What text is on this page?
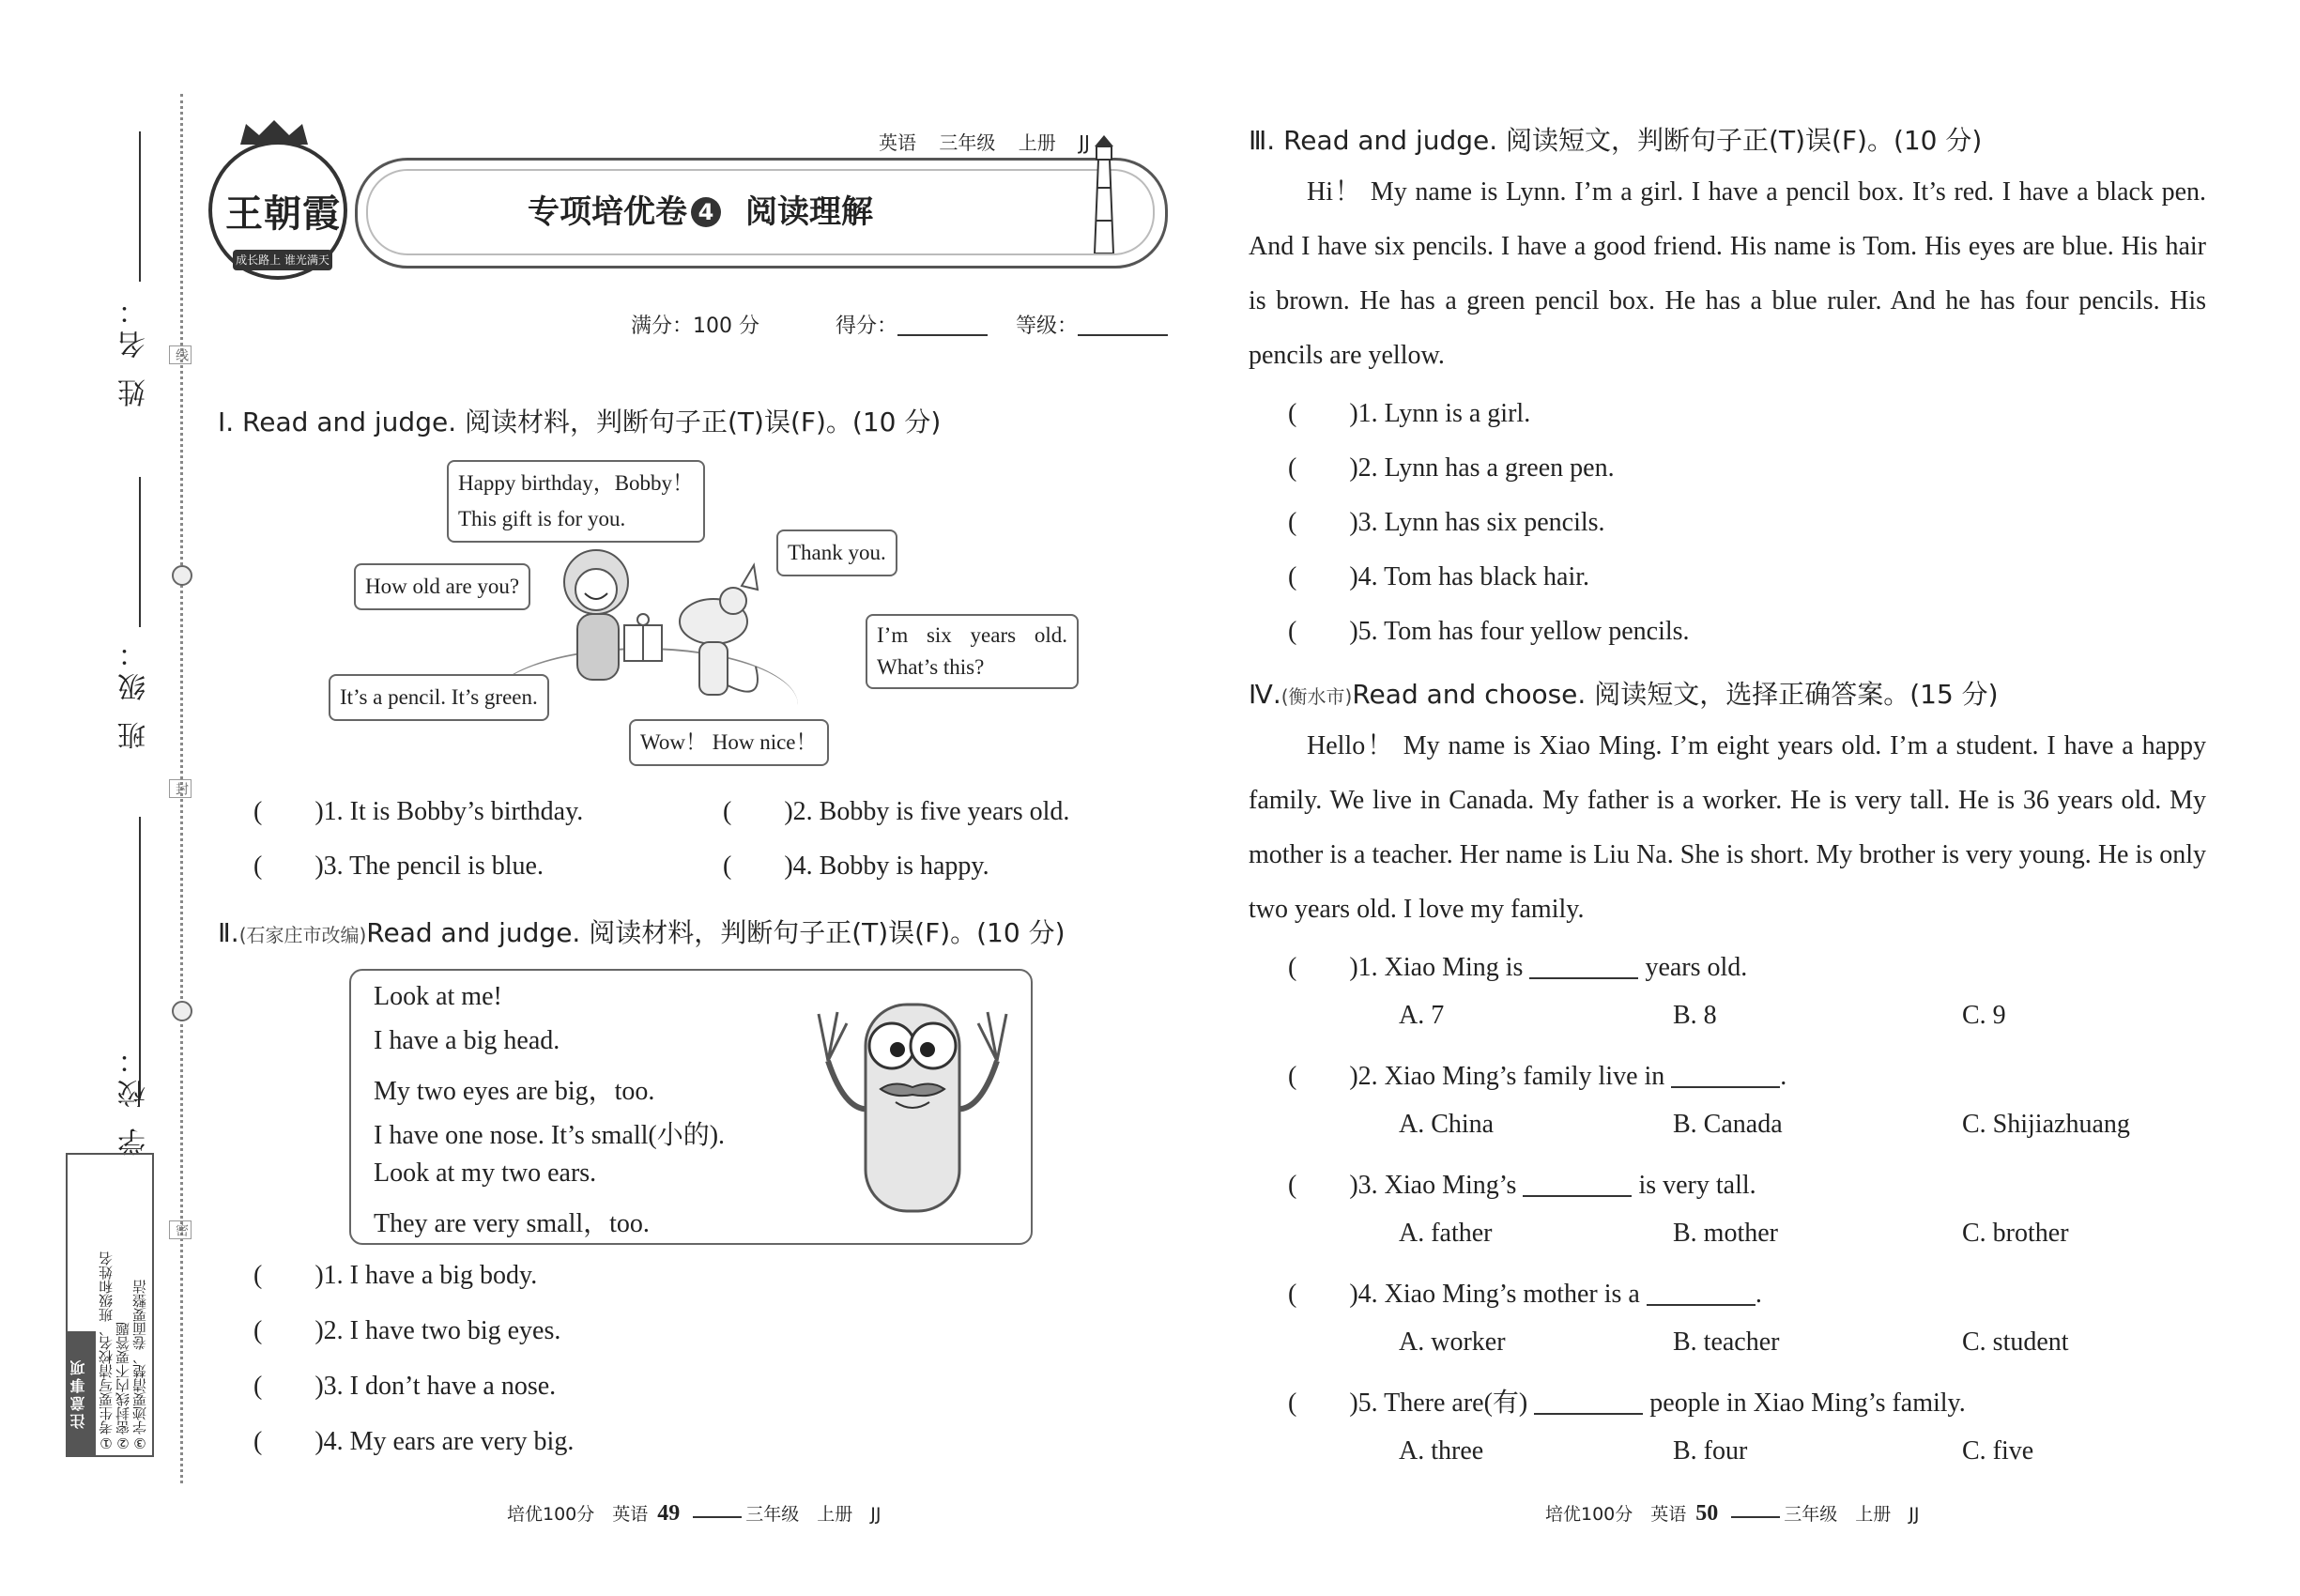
线
封
密
姓 名：
班 级：
学 校：
注意事项 ①考生要写清校名、班级和姓名 ②密封线内不要答题 ③字迹要清楚、卷面要整洁
王朝霞
成长路上 谁光满天
英语 三年级 上册 JJ
专项培优卷 4 阅读理解
满分：100 分	得分：	等级：
Ⅰ. Read and judge. 阅读材料，判断句子正(T)误(F)。(10 分)
Happy birthday，Bobby！
This gift is for you.
Thank you.
How old are you?
I’m six years old.
What’s this?
It’s a pencil. It’s green.
Wow！ How nice！
(　　)1. It is Bobby’s birthday.	(　　)2. Bobby is five years old.
(　　)3. The pencil is blue.	(　　)4. Bobby is happy.
Ⅱ.(石家庄市改编)Read and judge. 阅读材料，判断句子正(T)误(F)。(10 分)
Look at me!
I have a big head.
My two eyes are big，too.
I have one nose. It’s small(小的).
Look at my two ears.
They are very small，too.
(　　)1. I have a big body.
(　　)2. I have two big eyes.
(　　)3. I don’t have a nose.
(　　)4. My ears are very big.
培优100分　英语 49	三年级　上册　JJ
Ⅲ. Read and judge. 阅读短文，判断句子正(T)误(F)。(10 分)
Hi！ My name is Lynn. I’m a girl. I have a pencil box. It’s red. I have a black pen. And I have six pencils. I have a good friend. His name is Tom. His eyes are blue. His hair is brown. He has a green pencil box. He has a blue ruler. And he has four pencils. His pencils are yellow.
(　　)1. Lynn is a girl.
(　　)2. Lynn has a green pen.
(　　)3. Lynn has six pencils.
(　　)4. Tom has black hair.
(　　)5. Tom has four yellow pencils.
Ⅳ.(衡水市)Read and choose. 阅读短文，选择正确答案。(15 分)
Hello！ My name is Xiao Ming. I’m eight years old. I’m a student. I have a happy family. We live in Canada. My father is a worker. He is very tall. He is 36 years old. My mother is a teacher. Her name is Liu Na. She is short. My brother is very young. He is only two years old. I love my family.
(　　)1. Xiao Ming is	years old.
A. 7	B. 8	C. 9
(　　)2. Xiao Ming’s family live in	.
A. China	B. Canada	C. Shijiazhuang
(　　)3. Xiao Ming’s	is very tall.
A. father	B. mother	C. brother
(　　)4. Xiao Ming’s mother is a	.
A. worker	B. teacher	C. student
(　　)5. There are(有)	people in Xiao Ming’s family.
A. three	B. four	C. five
培优100分　英语 50	三年级　上册　JJ
